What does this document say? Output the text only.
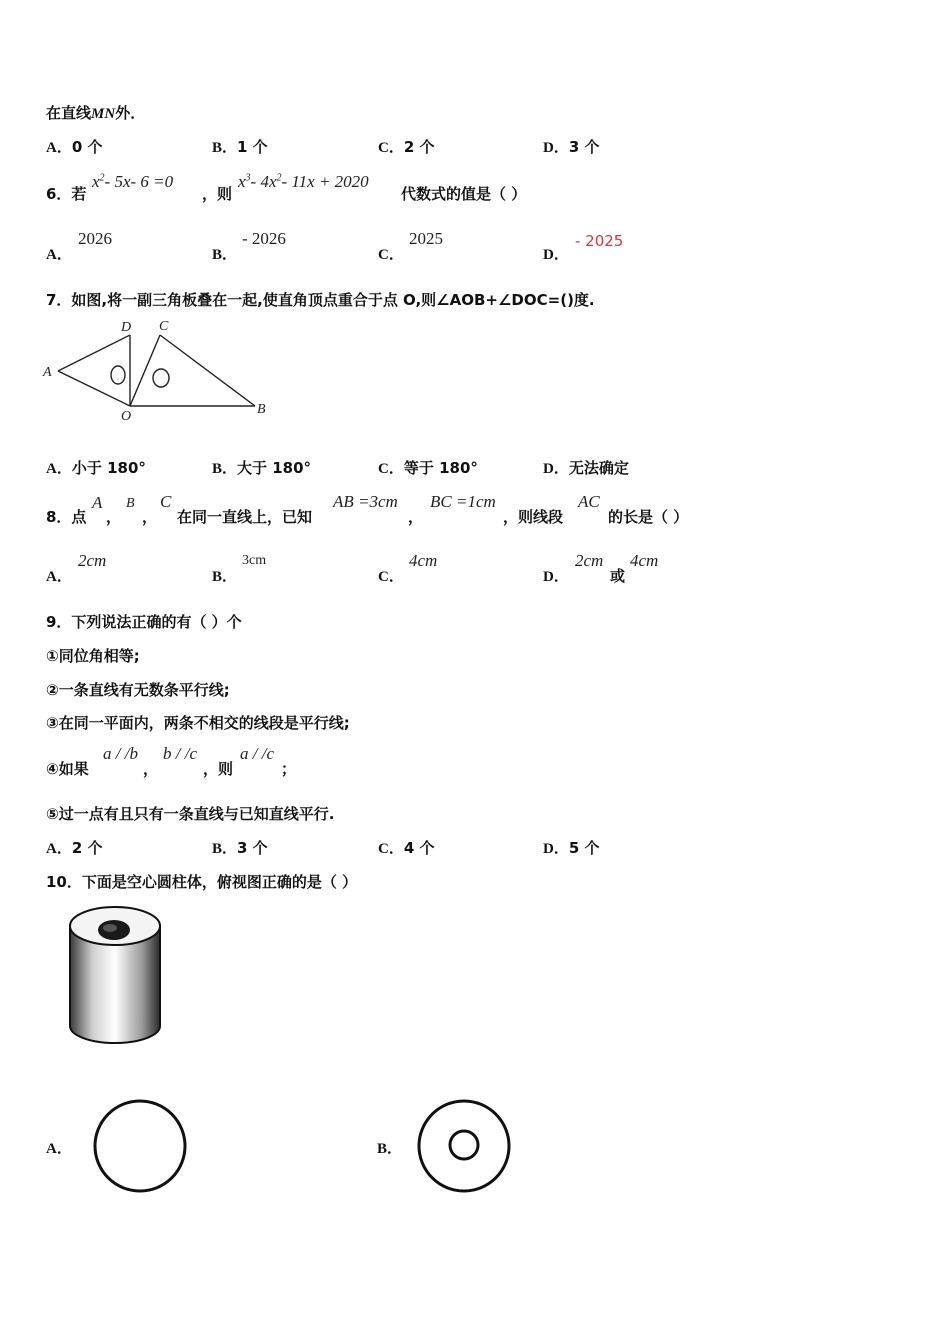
在直线MN外．
A．0 个	B．1 个	C．2 个	D．3 个
6．若
$x^2-$ 5x- 6 =0
，则
$x^3-$ $4x^2-$ 11x + 2020
代数式的值是（ ）
A．
2026
B．
- 2026
C．
2025
D．
- 2025
7．如图,将一副三角板叠在一起,使直角顶点重合于点 O,则∠AOB+∠DOC=()度.
A
B
C
D
O
A．小于 180°	B．大于 180°	C．等于 180°	D．无法确定
8．点
A
，
B
，
C
在同一直线上，已知
AB =3cm
，
BC =1cm
，则线段
AC
的长是（ ）
A．
2cm
B．
3cm
C．
4cm
D．
2cm
或
4cm
9．下列说法正确的有（ ）个
①同位角相等;
②一条直线有无数条平行线;
③在同一平面内，两条不相交的线段是平行线;
④如果
a / /b
，
b / /c
，则
a / /c
；
⑤过一点有且只有一条直线与已知直线平行.
A．2 个	B．3 个	C．4 个	D．5 个
10．下面是空心圆柱体，俯视图正确的是（ ）
A．	B．
